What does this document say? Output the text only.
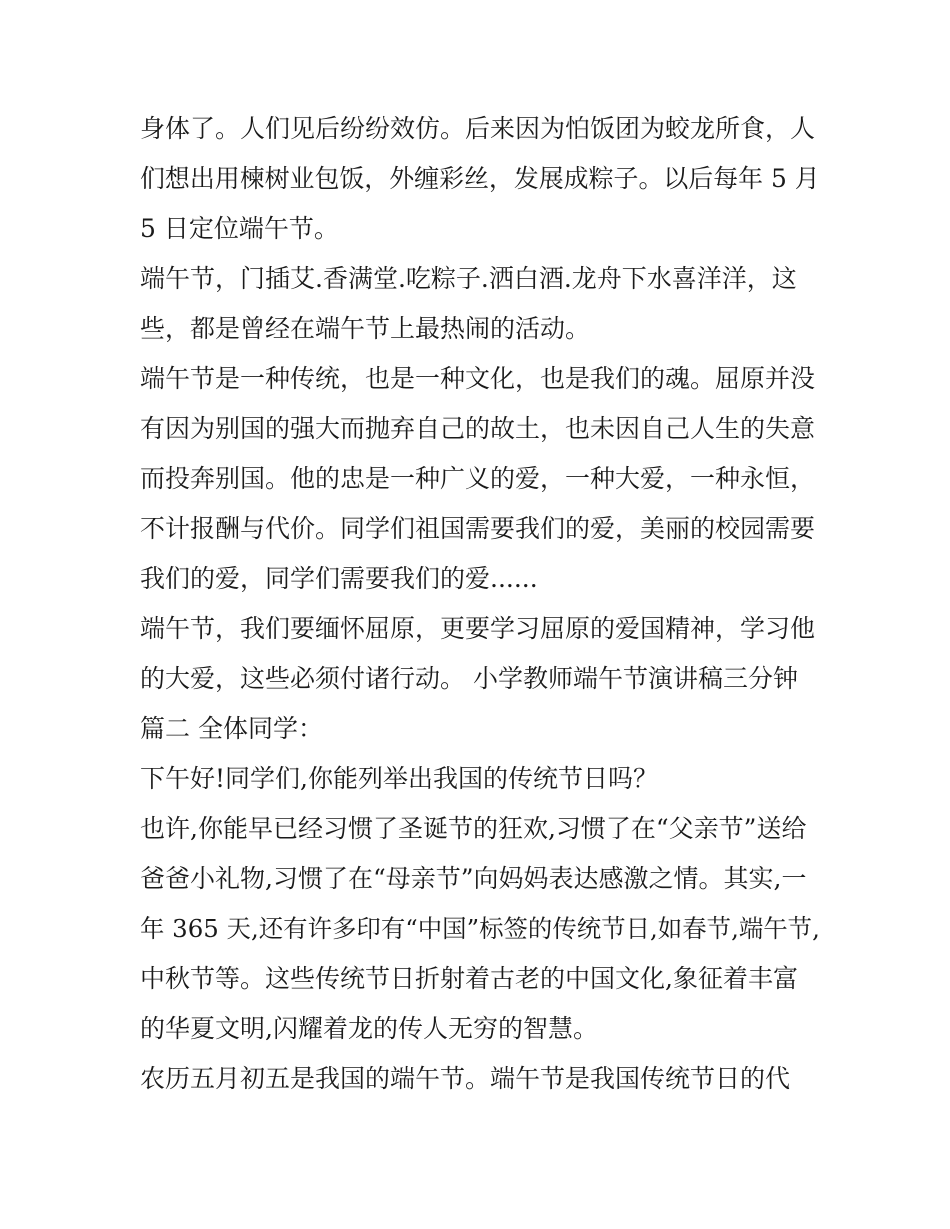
身体了。人们见后纷纷效仿。后来因为怕饭团为蛟龙所食，人
们想出用楝树业包饭，外缠彩丝，发展成粽子。以后每年 5 月
5 日定位端午节。
端午节，门插艾.香满堂.吃粽子.洒白酒.龙舟下水喜洋洋，这
些，都是曾经在端午节上最热闹的活动。
端午节是一种传统，也是一种文化，也是我们的魂。屈原并没
有因为别国的强大而抛弃自己的故土，也未因自己人生的失意
而投奔别国。他的忠是一种广义的爱，一种大爱，一种永恒，
不计报酬与代价。同学们祖国需要我们的爱，美丽的校园需要
我们的爱，同学们需要我们的爱......
端午节，我们要缅怀屈原，更要学习屈原的爱国精神，学习他
的大爱，这些必须付诸行动。 小学教师端午节演讲稿三分钟
篇二 全体同学：
下午好!同学们,你能列举出我国的传统节日吗？
也许,你能早已经习惯了圣诞节的狂欢,习惯了在“父亲节”送给
爸爸小礼物,习惯了在“母亲节”向妈妈表达感激之情。其实,一
年 365 天,还有许多印有“中国”标签的传统节日,如春节,端午节,
中秋节等。这些传统节日折射着古老的中国文化,象征着丰富
的华夏文明,闪耀着龙的传人无穷的智慧。
农历五月初五是我国的端午节。端午节是我国传统节日的代
